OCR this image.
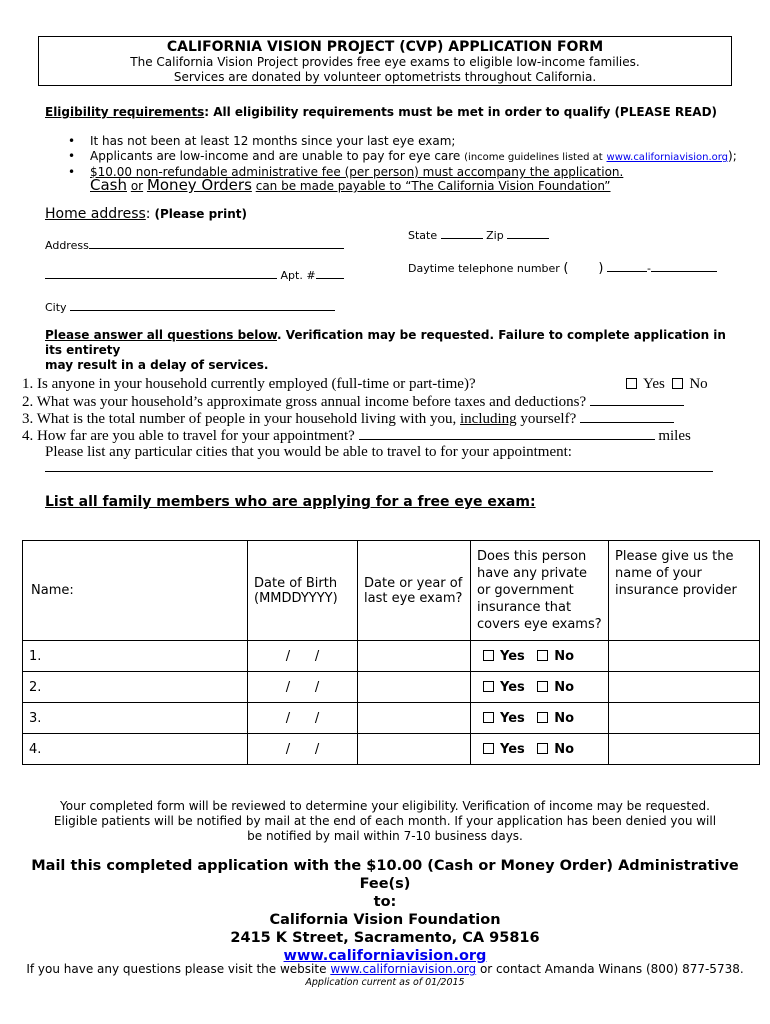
CALIFORNIA VISION PROJECT (CVP) APPLICATION FORM
The California Vision Project provides free eye exams to eligible low-income families.
Services are donated by volunteer optometrists throughout California.
Eligibility requirements: All eligibility requirements must be met in order to qualify (PLEASE READ)
• It has not been at least 12 months since your last eye exam;
• Applicants are low-income and are unable to pay for eye care (income guidelines listed at www.californiavision.org);
• $10.00 non-refundable administrative fee (per person) must accompany the application.
Cash or Money Orders can be made payable to “The California Vision Foundation”
Home address: (Please print)
Address
Apt. #
City
State	Zip
Daytime telephone number ( )	-
Please answer all questions below. Verification may be requested. Failure to complete application in its entirety
may result in a delay of services.
1. Is anyone in your household currently employed (full-time or part-time)?	Yes No
2. What was your household’s approximate gross annual income before taxes and deductions?
3. What is the total number of people in your household living with you, including yourself?
4. How far are you able to travel for your appointment?	miles
Please list any particular cities that you would be able to travel to for your appointment:
List all family members who are applying for a free eye exam:
Name:	Date of Birth (MMDDYYYY)	Date or year of last eye exam?	Does this person have any private or government insurance that covers eye exams?	Please give us the name of your insurance provider
1.	/      /		Yes No	
2.	/      /		Yes No	
3.	/      /		Yes No	
4.	/      /		Yes No	
Your completed form will be reviewed to determine your eligibility. Verification of income may be requested. Eligible patients will be notified by mail at the end of each month. If your application has been denied you will be notified by mail within 7-10 business days.
Mail this completed application with the $10.00 (Cash or Money Order) Administrative Fee(s)
to:
California Vision Foundation
2415 K Street, Sacramento, CA 95816
www.californiavision.org
If you have any questions please visit the website www.californiavision.org or contact Amanda Winans (800) 877-5738.
Application current as of 01/2015
